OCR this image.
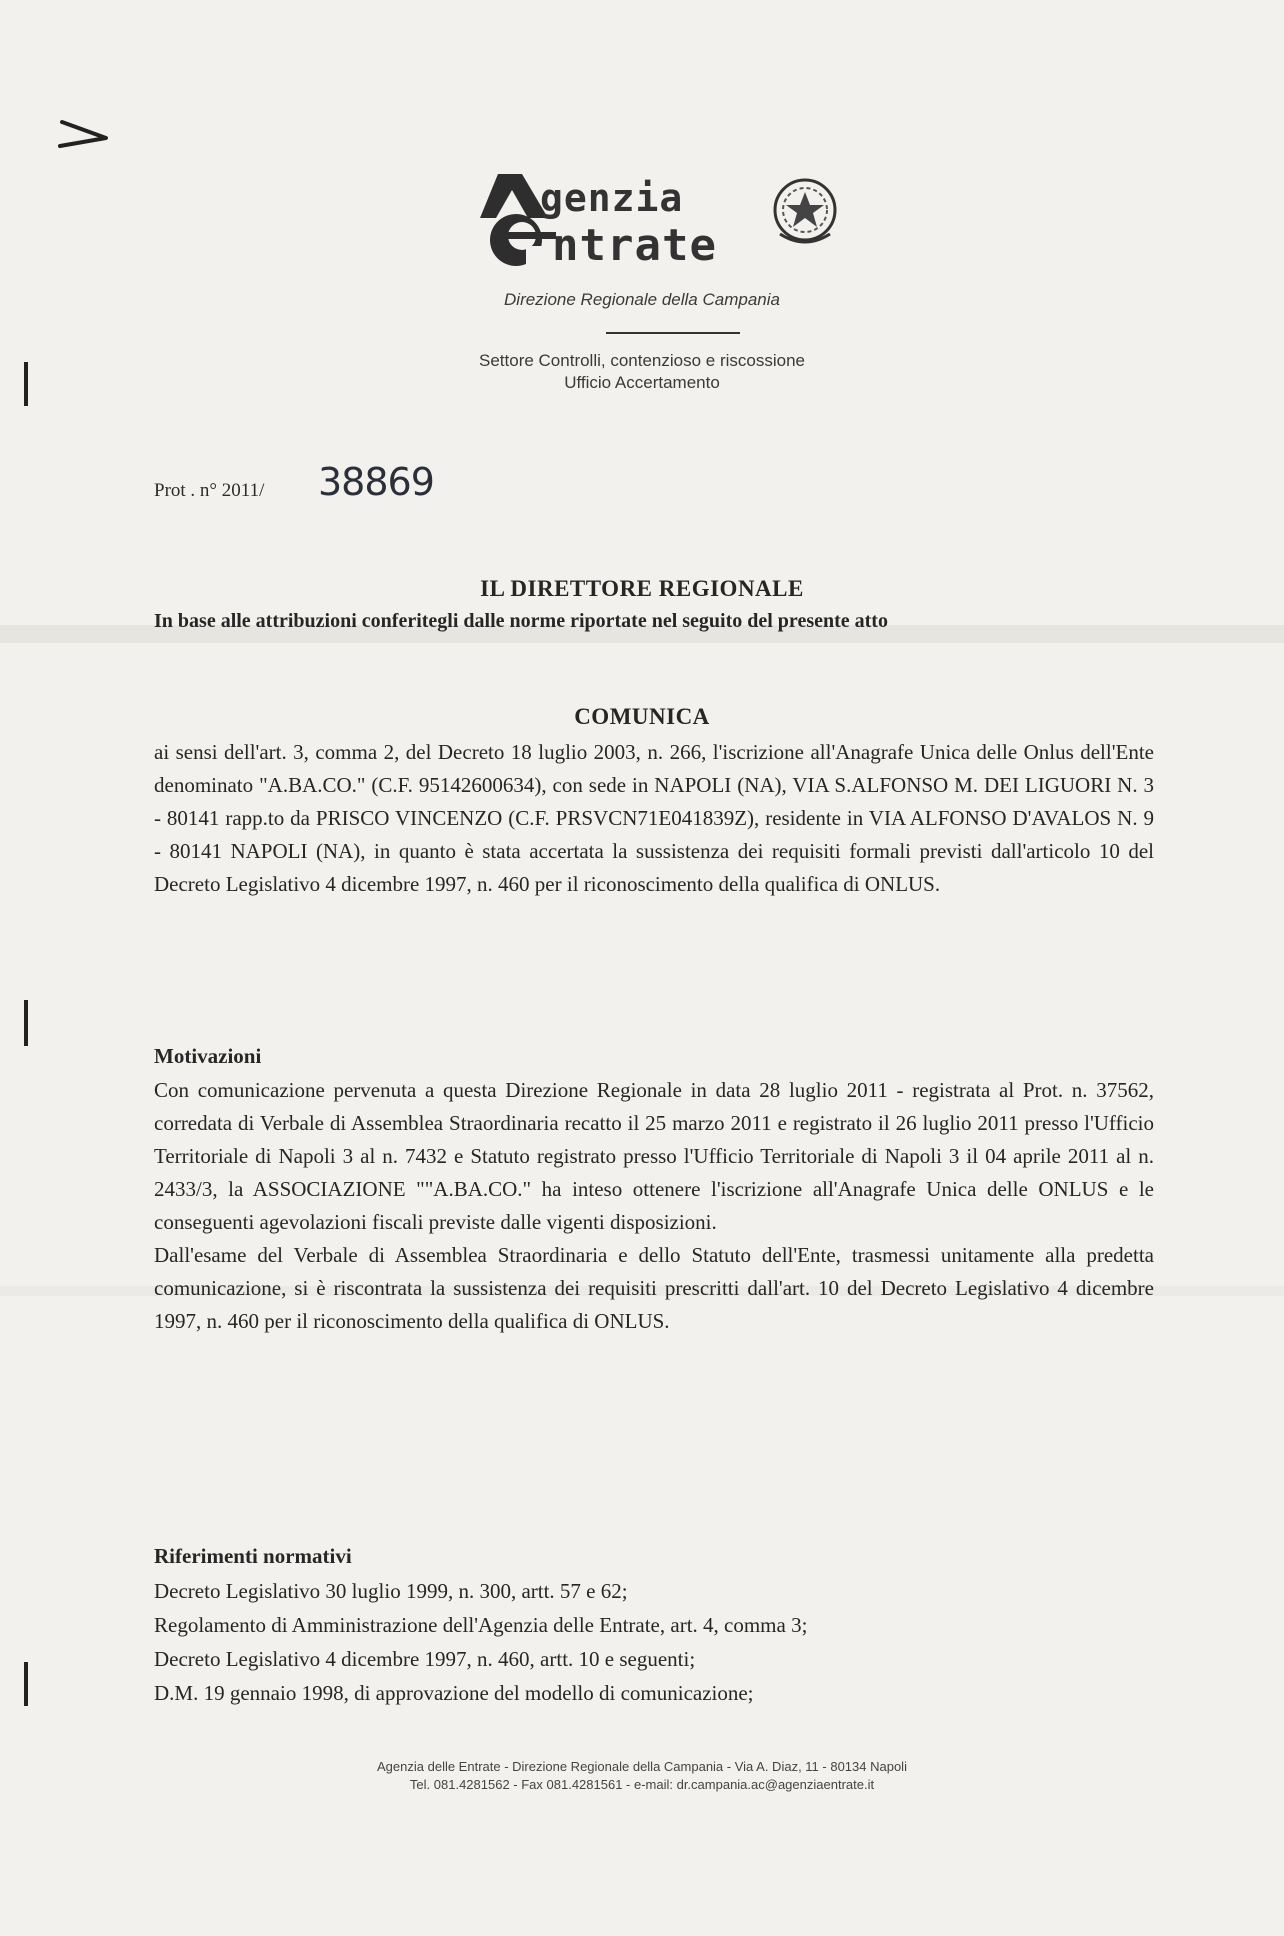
genzia
ntrate
Direzione Regionale della Campania
Settore Controlli, contenzioso e riscossione
Ufficio Accertamento
Prot . n° 2011/ 38869
IL DIRETTORE REGIONALE
In base alle attribuzioni conferitegli dalle norme riportate nel seguito del presente atto
COMUNICA

ai sensi dell'art. 3, comma 2, del Decreto 18 luglio 2003, n. 266, l'iscrizione all'Anagrafe Unica delle Onlus dell'Ente denominato "A.BA.CO." (C.F. 95142600634), con sede in NAPOLI (NA), VIA S.ALFONSO M. DEI LIGUORI N. 3 - 80141 rapp.to da PRISCO VINCENZO (C.F. PRSVCN71E041839Z), residente in VIA ALFONSO D'AVALOS N. 9 - 80141 NAPOLI (NA), in quanto è stata accertata la sussistenza dei requisiti formali previsti dall'articolo 10 del Decreto Legislativo 4 dicembre 1997, n. 460 per il riconoscimento della qualifica di ONLUS.

Motivazioni
Con comunicazione pervenuta a questa Direzione Regionale in data 28 luglio 2011 - registrata al Prot. n. 37562, corredata di Verbale di Assemblea Straordinaria recatto il 25 marzo 2011 e registrato il 26 luglio 2011 presso l'Ufficio Territoriale di Napoli 3 al n. 7432 e Statuto registrato presso l'Ufficio Territoriale di Napoli 3 il 04 aprile 2011 al n. 2433/3, la ASSOCIAZIONE ""A.BA.CO." ha inteso ottenere l'iscrizione all'Anagrafe Unica delle ONLUS e le conseguenti agevolazioni fiscali previste dalle vigenti disposizioni.
Dall'esame del Verbale di Assemblea Straordinaria e dello Statuto dell'Ente, trasmessi unitamente alla predetta comunicazione, si è riscontrata la sussistenza dei requisiti prescritti dall'art. 10 del Decreto Legislativo 4 dicembre 1997, n. 460 per il riconoscimento della qualifica di ONLUS.
Riferimenti normativi
Decreto Legislativo 30 luglio 1999, n. 300, artt. 57 e 62;
Regolamento di Amministrazione dell'Agenzia delle Entrate, art. 4, comma 3;
Decreto Legislativo 4 dicembre 1997, n. 460, artt. 10 e seguenti;
D.M. 19 gennaio 1998, di approvazione del modello di comunicazione;
Agenzia delle Entrate - Direzione Regionale della Campania - Via A. Diaz, 11 - 80134 Napoli
Tel. 081.4281562 - Fax 081.4281561 - e-mail: dr.campania.ac@agenziaentrate.it
